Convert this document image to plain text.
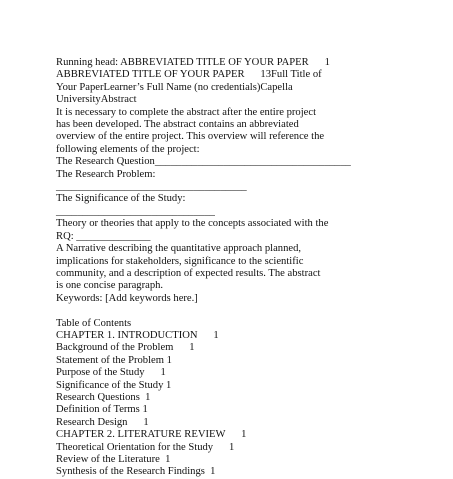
Running head: ABBREVIATED TITLE OF YOUR PAPER      1
ABBREVIATED TITLE OF YOUR PAPER      13Full Title of
Your PaperLearner’s Full Name (no credentials)Capella
UniversityAbstract
It is necessary to complete the abstract after the entire project
has been developed. The abstract contains an abbreviated
overview of the entire project. This overview will reference the
following elements of the project:
The Research Question_____________________________________
The Research Problem:
____________________________________
The Significance of the Study:
______________________________
Theory or theories that apply to the concepts associated with the
RQ: ______________
A Narrative describing the quantitative approach planned,
implications for stakeholders, significance to the scientific
community, and a description of expected results. The abstract
is one concise paragraph.
Keywords: [Add keywords here.]
Table of Contents
CHAPTER 1. INTRODUCTION      1
Background of the Problem      1
Statement of the Problem 1
Purpose of the Study      1
Significance of the Study 1
Research Questions  1
Definition of Terms 1
Research Design      1
CHAPTER 2. LITERATURE REVIEW      1
Theoretical Orientation for the Study      1
Review of the Literature  1
Synthesis of the Research Findings  1
